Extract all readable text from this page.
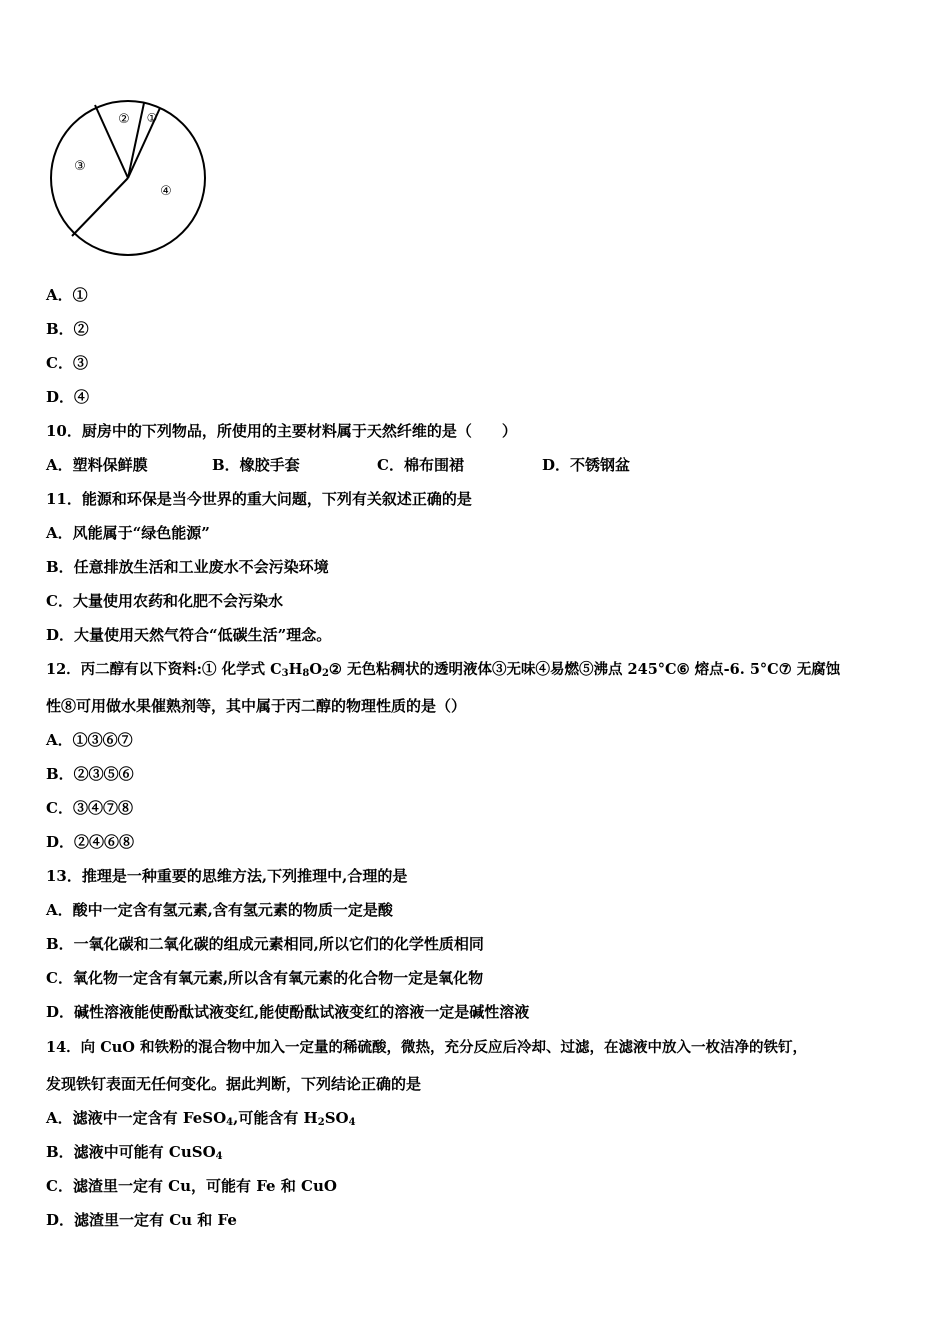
② ①
③
④
A．①
B．②
C．③
D．④
10．厨房中的下列物品，所使用的主要材料属于天然纤维的是（　　）
A．塑料保鲜膜	B．橡胶手套	C．棉布围裙	D．不锈钢盆
11．能源和环保是当今世界的重大问题，下列有关叙述正确的是
A．风能属于“绿色能源”
B．任意排放生活和工业废水不会污染环境
C．大量使用农药和化肥不会污染水
D．大量使用天然气符合“低碳生活”理念。
12．丙二醇有以下资料:① 化学式 $C_3H_8O_2②$ 无色粘稠状的透明液体③无味④易燃⑤沸点 245°C⑥ 熔点-6. 5°C⑦ 无腐蚀
性⑧可用做水果催熟剂等，其中属于丙二醇的物理性质的是（）
A．①③⑥⑦
B．②③⑤⑥
C．③④⑦⑧
D．②④⑥⑧
13．推理是一种重要的思维方法,下列推理中,合理的是
A．酸中一定含有氢元素,含有氢元素的物质一定是酸
B．一氧化碳和二氧化碳的组成元素相同,所以它们的化学性质相同
C．氧化物一定含有氧元素,所以含有氧元素的化合物一定是氧化物
D．碱性溶液能使酚酞试液变红,能使酚酞试液变红的溶液一定是碱性溶液
14．向 CuO 和铁粉的混合物中加入一定量的稀硫酸，微热，充分反应后冷却、过滤，在滤液中放入一枚洁净的铁钉，
发现铁钉表面无任何变化。据此判断，下列结论正确的是
A．滤液中一定含有 FeSO$_4$,可能含有 $H_2SO_4$
B．滤液中可能有 CuSO$_4$
C．滤渣里一定有 Cu，可能有 Fe 和 CuO
D．滤渣里一定有 Cu 和 Fe
